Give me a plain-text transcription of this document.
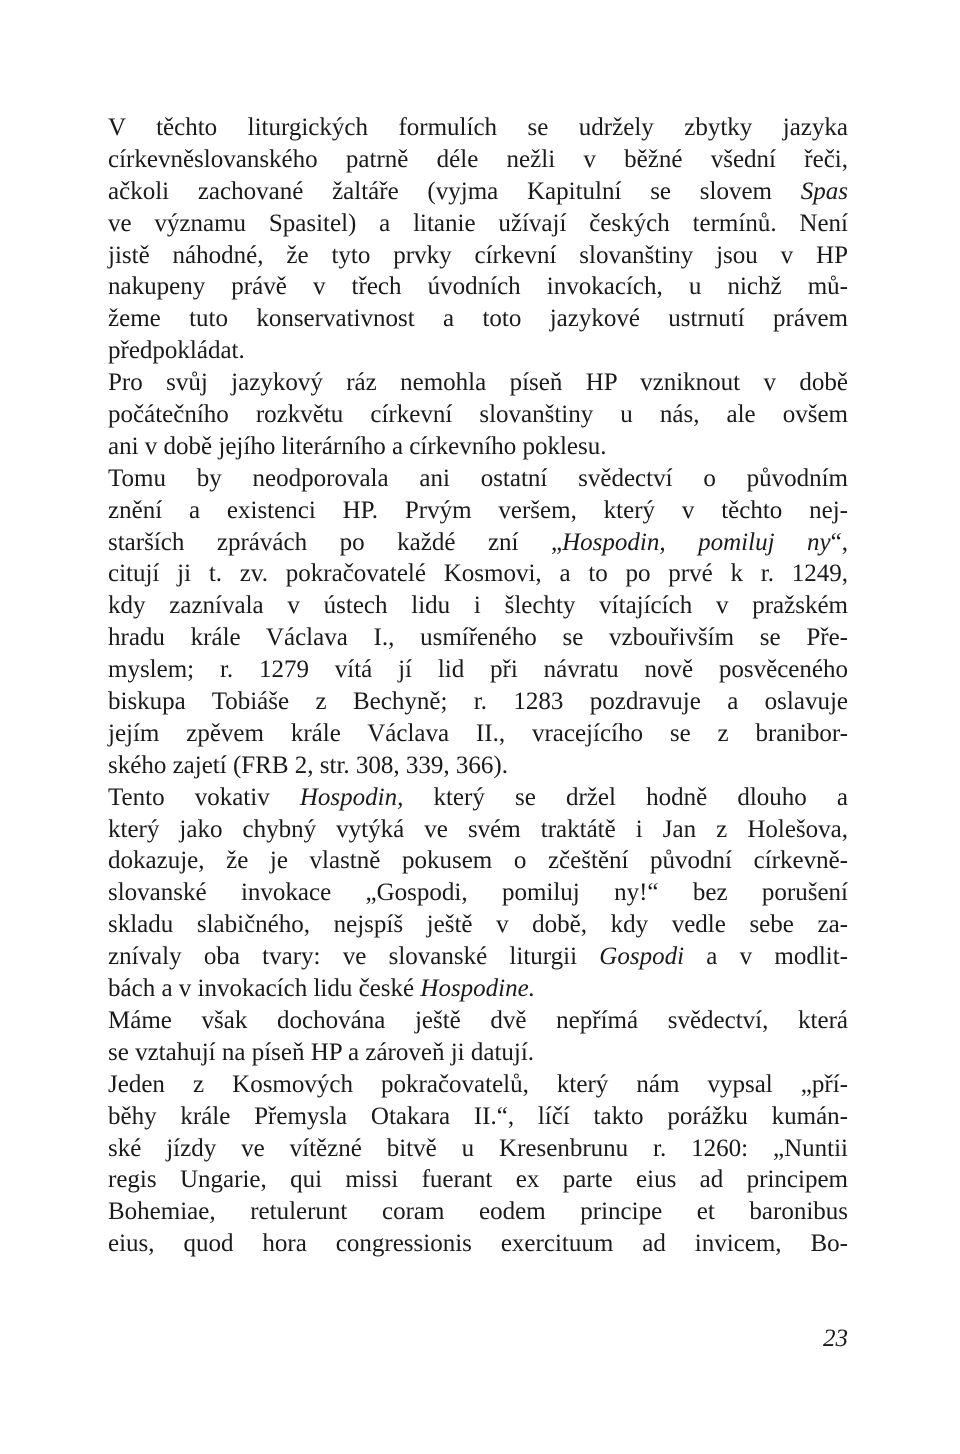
V těchto liturgických formulích se udržely zbytky jazyka
církevněslovanského patrně déle nežli v běžné všední řeči,
ačkoli zachované žaltáře (vyjma Kapitulní se slovem Spas
ve významu Spasitel) a litanie užívají českých termínů. Není
jistě náhodné, že tyto prvky církevní slovanštiny jsou v HP
nakupeny právě v třech úvodních invokacích, u nichž mů-
žeme tuto konservativnost a toto jazykové ustrnutí právem
předpokládat.
Pro svůj jazykový ráz nemohla píseň HP vzniknout v době
počátečního rozkvětu církevní slovanštiny u nás, ale ovšem
ani v době jejího literárního a církevního poklesu.
Tomu by neodporovala ani ostatní svědectví o původním
znění a existenci HP. Prvým veršem, který v těchto nej-
starších zprávách po každé zní „Hospodin, pomiluj ny“,
citují ji t. zv. pokračovatelé Kosmovi, a to po prvé k r. 1249,
kdy zaznívala v ústech lidu i šlechty vítajících v pražském
hradu krále Václava I., usmířeného se vzbouřivším se Pře-
myslem; r. 1279 vítá jí lid při návratu nově posvěceného
biskupa Tobiáše z Bechyně; r. 1283 pozdravuje a oslavuje
jejím zpěvem krále Václava II., vracejícího se z branibor-
ského zajetí (FRB 2, str. 308, 339, 366).
Tento vokativ Hospodin, který se držel hodně dlouho a
který jako chybný vytýká ve svém traktátě i Jan z Holešova,
dokazuje, že je vlastně pokusem o zčeštění původní církevně-
slovanské invokace „Gospodi, pomiluj ny!“ bez porušení
skladu slabičného, nejspíš ještě v době, kdy vedle sebe za-
znívaly oba tvary: ve slovanské liturgii Gospodi a v modlit-
bách a v invokacích lidu české Hospodine.
Máme však dochována ještě dvě nepřímá svědectví, která
se vztahují na píseň HP a zároveň ji datují.
Jeden z Kosmových pokračovatelů, který nám vypsal „pří-
běhy krále Přemysla Otakara II.“, líčí takto porážku kumán-
ské jízdy ve vítězné bitvě u Kresenbrunu r. 1260: „Nuntii
regis Ungarie, qui missi fuerant ex parte eius ad principem
Bohemiae, retulerunt coram eodem principe et baronibus
eius, quod hora congressionis exercituum ad invicem, Bo-
23
